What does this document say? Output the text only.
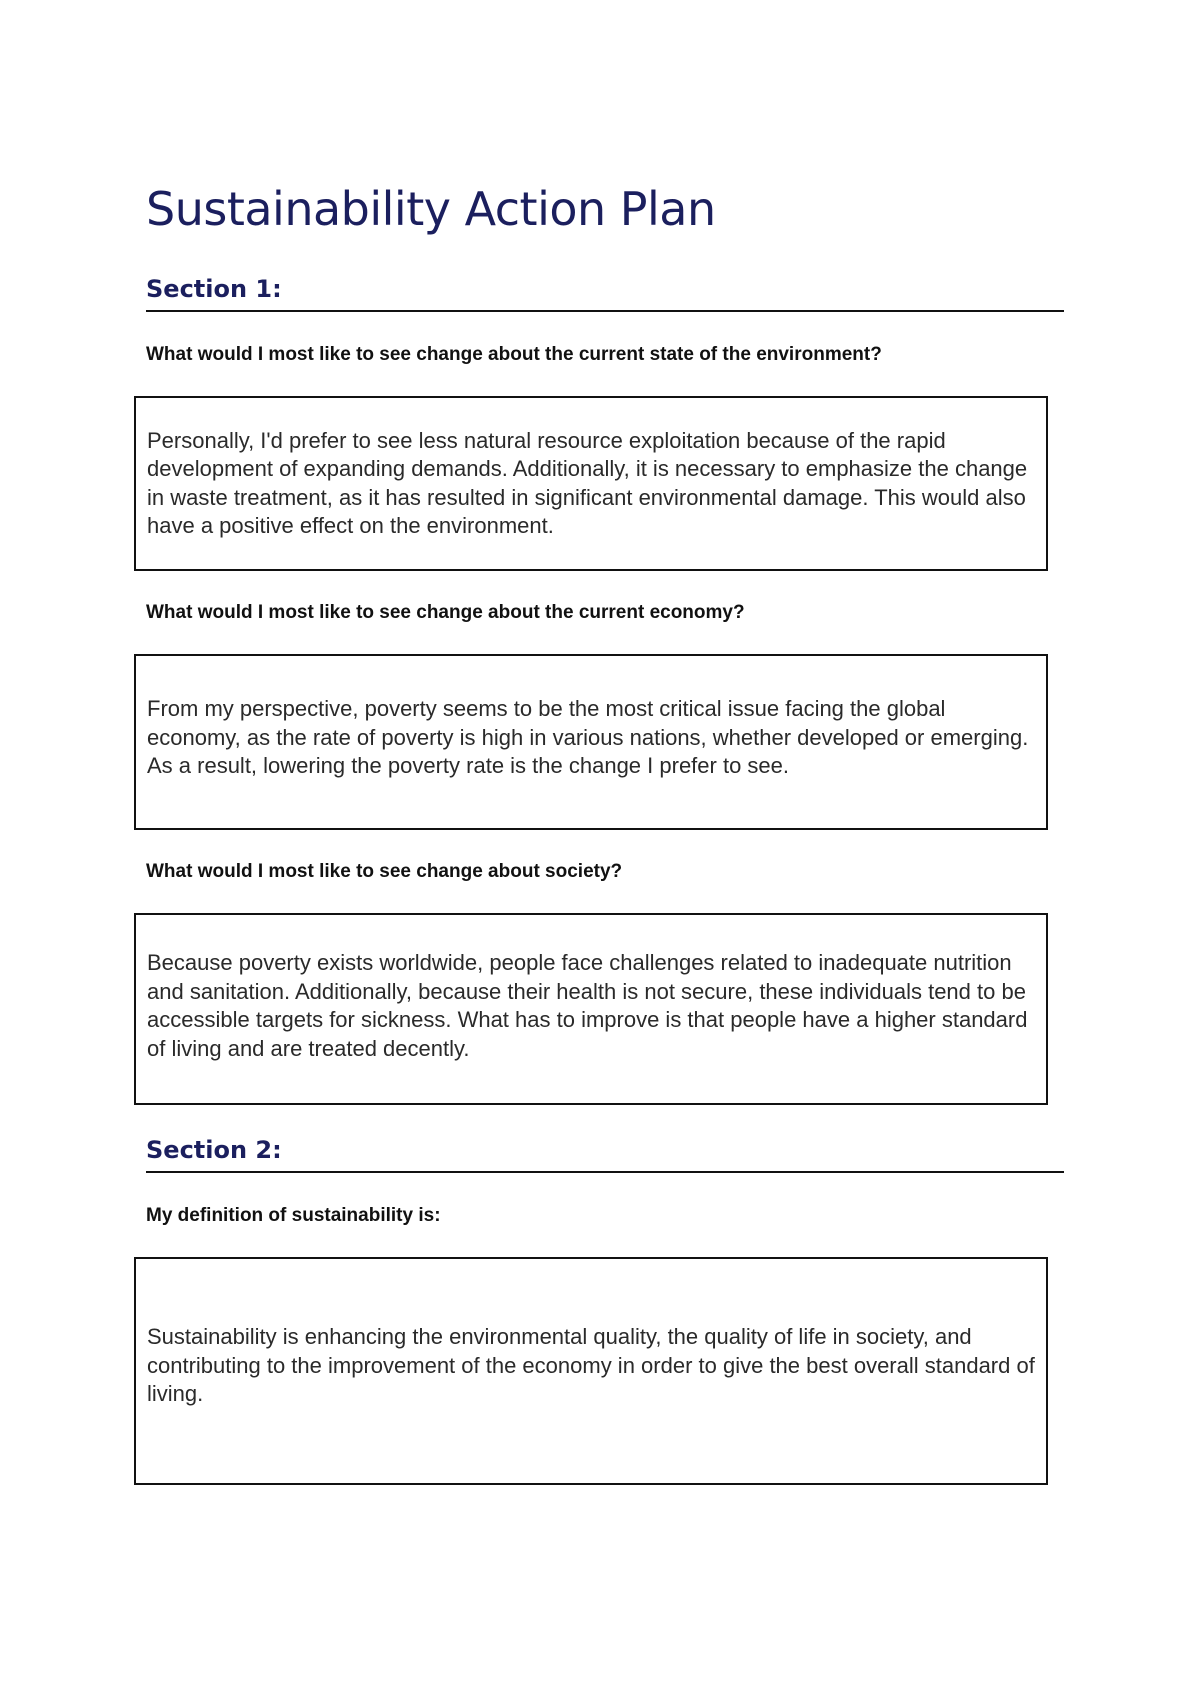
Sustainability Action Plan
Section 1:
What would I most like to see change about the current state of the environment?

Personally, I'd prefer to see less natural resource exploitation because of the rapid development of expanding demands. Additionally, it is necessary to emphasize the change in waste treatment, as it has resulted in significant environmental damage. This would also have a positive effect on the environment.

What would I most like to see change about the current economy?

From my perspective, poverty seems to be the most critical issue facing the global economy, as the rate of poverty is high in various nations, whether developed or emerging. As a result, lowering the poverty rate is the change I prefer to see.

What would I most like to see change about society?

Because poverty exists worldwide, people face challenges related to inadequate nutrition and sanitation. Additionally, because their health is not secure, these individuals tend to be accessible targets for sickness. What has to improve is that people have a higher standard of living and are treated decently.

Section 2:
My definition of sustainability is:

Sustainability is enhancing the environmental quality, the quality of life in society, and contributing to the improvement of the economy in order to give the best overall standard of living.
